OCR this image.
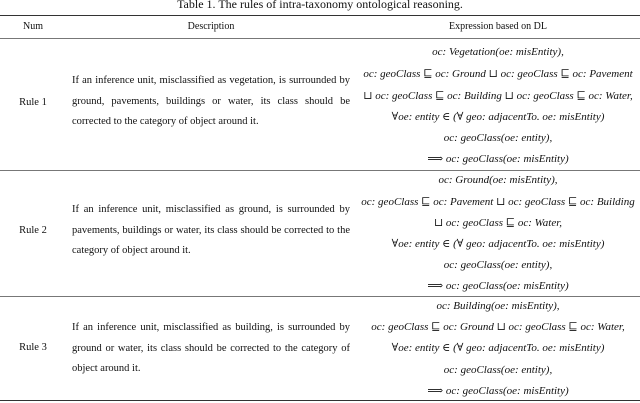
Table 1. The rules of intra-taxonomy ontological reasoning.
Num	Description	Expression based on DL
Rule 1
If an inference unit, misclassified as vegetation, is surrounded by ground, pavements, buildings or water, its class should be corrected to the category of object around it.
oc: Vegetation(oe: misEntity),
oc: geoClass ⊑ oc: Ground ⊔ oc: geoClass ⊑ oc: Pavement
⊔ oc: geoClass ⊑ oc: Building ⊔ oc: geoClass ⊑ oc: Water,
∀oe: entity ∈ (∀ geo: adjacentTo. oe: misEntity)
oc: geoClass(oe: entity),
⟹ oc: geoClass(oe: misEntity)
Rule 2
If an inference unit, misclassified as ground, is surrounded by pavements, buildings or water, its class should be corrected to the category of object around it.
oc: Ground(oe: misEntity),
oc: geoClass ⊑ oc: Pavement ⊔ oc: geoClass ⊑ oc: Building
⊔ oc: geoClass ⊑ oc: Water,
∀oe: entity ∈ (∀ geo: adjacentTo. oe: misEntity)
oc: geoClass(oe: entity),
⟹ oc: geoClass(oe: misEntity)
Rule 3
If an inference unit, misclassified as building, is surrounded by ground or water, its class should be corrected to the category of object around it.
oc: Building(oe: misEntity),
oc: geoClass ⊑ oc: Ground ⊔ oc: geoClass ⊑ oc: Water,
∀oe: entity ∈ (∀ geo: adjacentTo. oe: misEntity)
oc: geoClass(oe: entity),
⟹ oc: geoClass(oe: misEntity)
